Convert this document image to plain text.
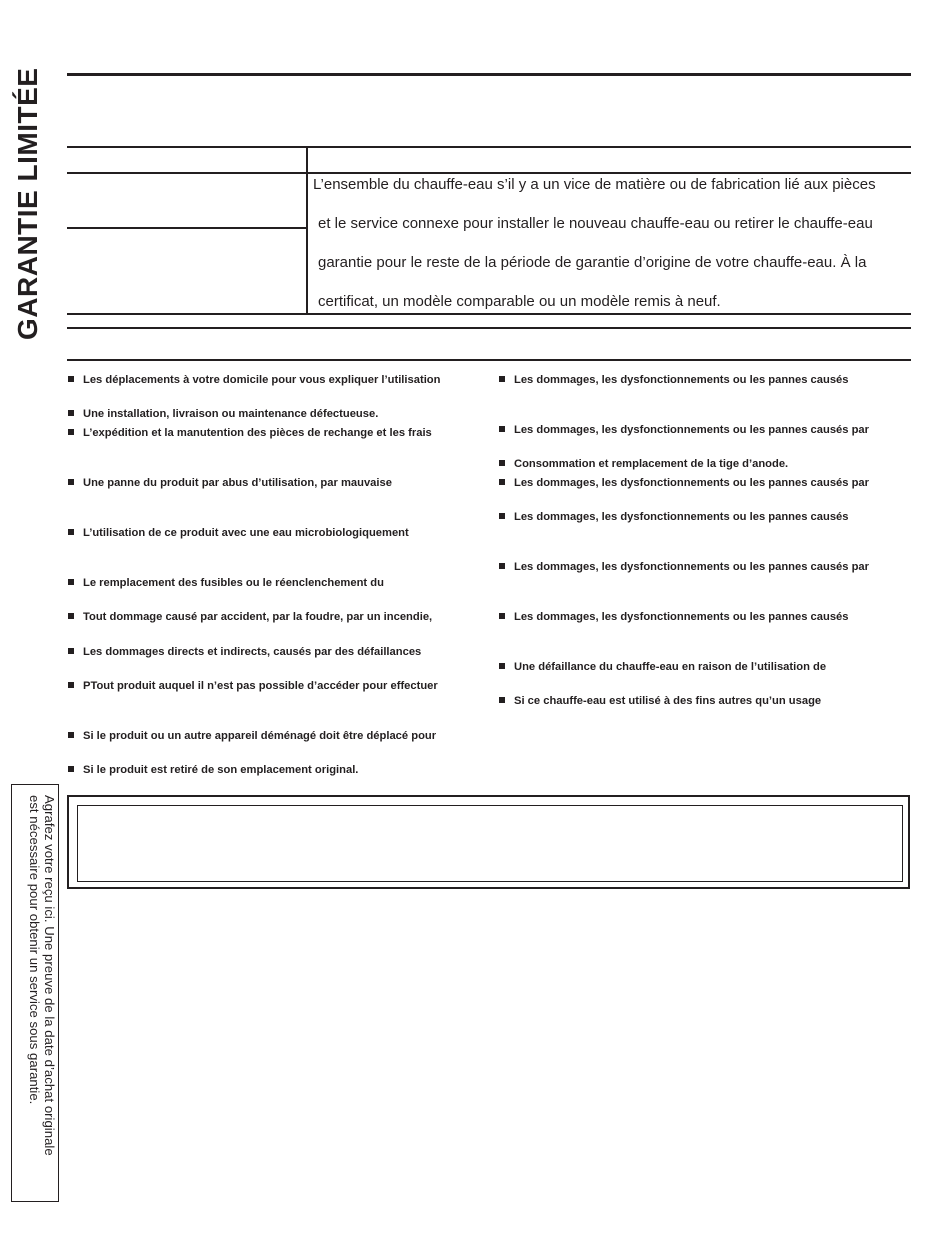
GARANTIE LIMITÉE	L’ensemble du chauffe-eau s’il y a un vice de matière ou de fabrication lié aux pièces
et le service connexe pour installer le nouveau chauffe-eau ou retirer le chauffe-eau
garantie pour le reste de la période de garantie d’origine de votre chauffe-eau. À la
certificat, un modèle comparable ou un modèle remis à neuf.
Les déplacements à votre domicile pour vous expliquer l’utilisation
Une installation, livraison ou maintenance défectueuse.
L’expédition et la manutention des pièces de rechange et les frais
Une panne du produit par abus d’utilisation, par mauvaise
L’utilisation de ce produit avec une eau microbiologiquement
Le remplacement des fusibles ou le réenclenchement du
Tout dommage causé par accident, par la foudre, par un incendie,
Les dommages directs et indirects, causés par des défaillances
PTout produit auquel il n’est pas possible d’accéder pour effectuer
Si le produit ou un autre appareil déménagé doit être déplacé pour
Si le produit est retiré de son emplacement original.
Les dommages, les dysfonctionnements ou les pannes causés
Les dommages, les dysfonctionnements ou les pannes causés par
Consommation et remplacement de la tige d’anode.
Les dommages, les dysfonctionnements ou les pannes causés par
Les dommages, les dysfonctionnements ou les pannes causés
Les dommages, les dysfonctionnements ou les pannes causés par
Les dommages, les dysfonctionnements ou les pannes causés
Une défaillance du chauffe-eau en raison de l’utilisation de
Si ce chauffe-eau est utilisé à des fins autres qu’un usage
Agrafez votre reçu ici. Une preuve de la date d’achat originale
est nécessaire pour obtenir un service sous garantie.
